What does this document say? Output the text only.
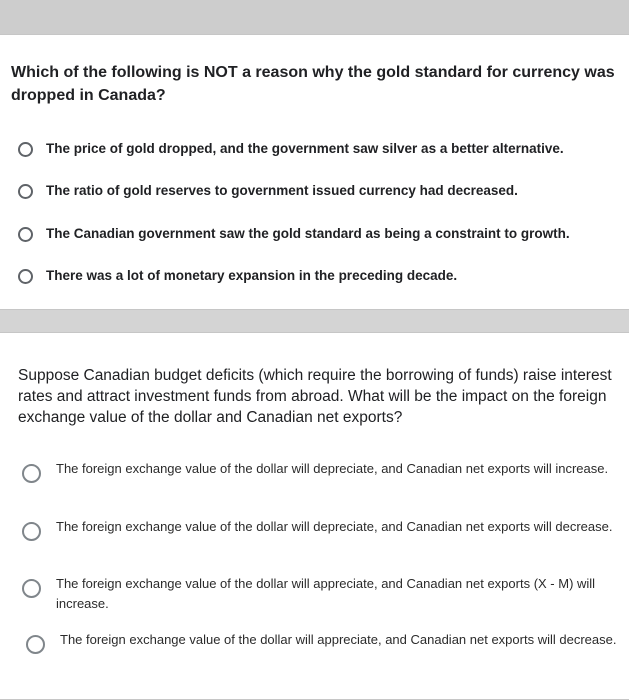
Which of the following is NOT a reason why the gold standard for currency was dropped in Canada?

The price of gold dropped, and the government saw silver as a better alternative.
The ratio of gold reserves to government issued currency had decreased.
The Canadian government saw the gold standard as being a constraint to growth.
There was a lot of monetary expansion in the preceding decade.

Suppose Canadian budget deficits (which require the borrowing of funds) raise interest rates and attract investment funds from abroad. What will be the impact on the foreign exchange value of the dollar and Canadian net exports?

The foreign exchange value of the dollar will depreciate, and Canadian net exports will increase.
The foreign exchange value of the dollar will depreciate, and Canadian net exports will decrease.
The foreign exchange value of the dollar will appreciate, and Canadian net exports (X - M) will increase.
The foreign exchange value of the dollar will appreciate, and Canadian net exports will decrease.
